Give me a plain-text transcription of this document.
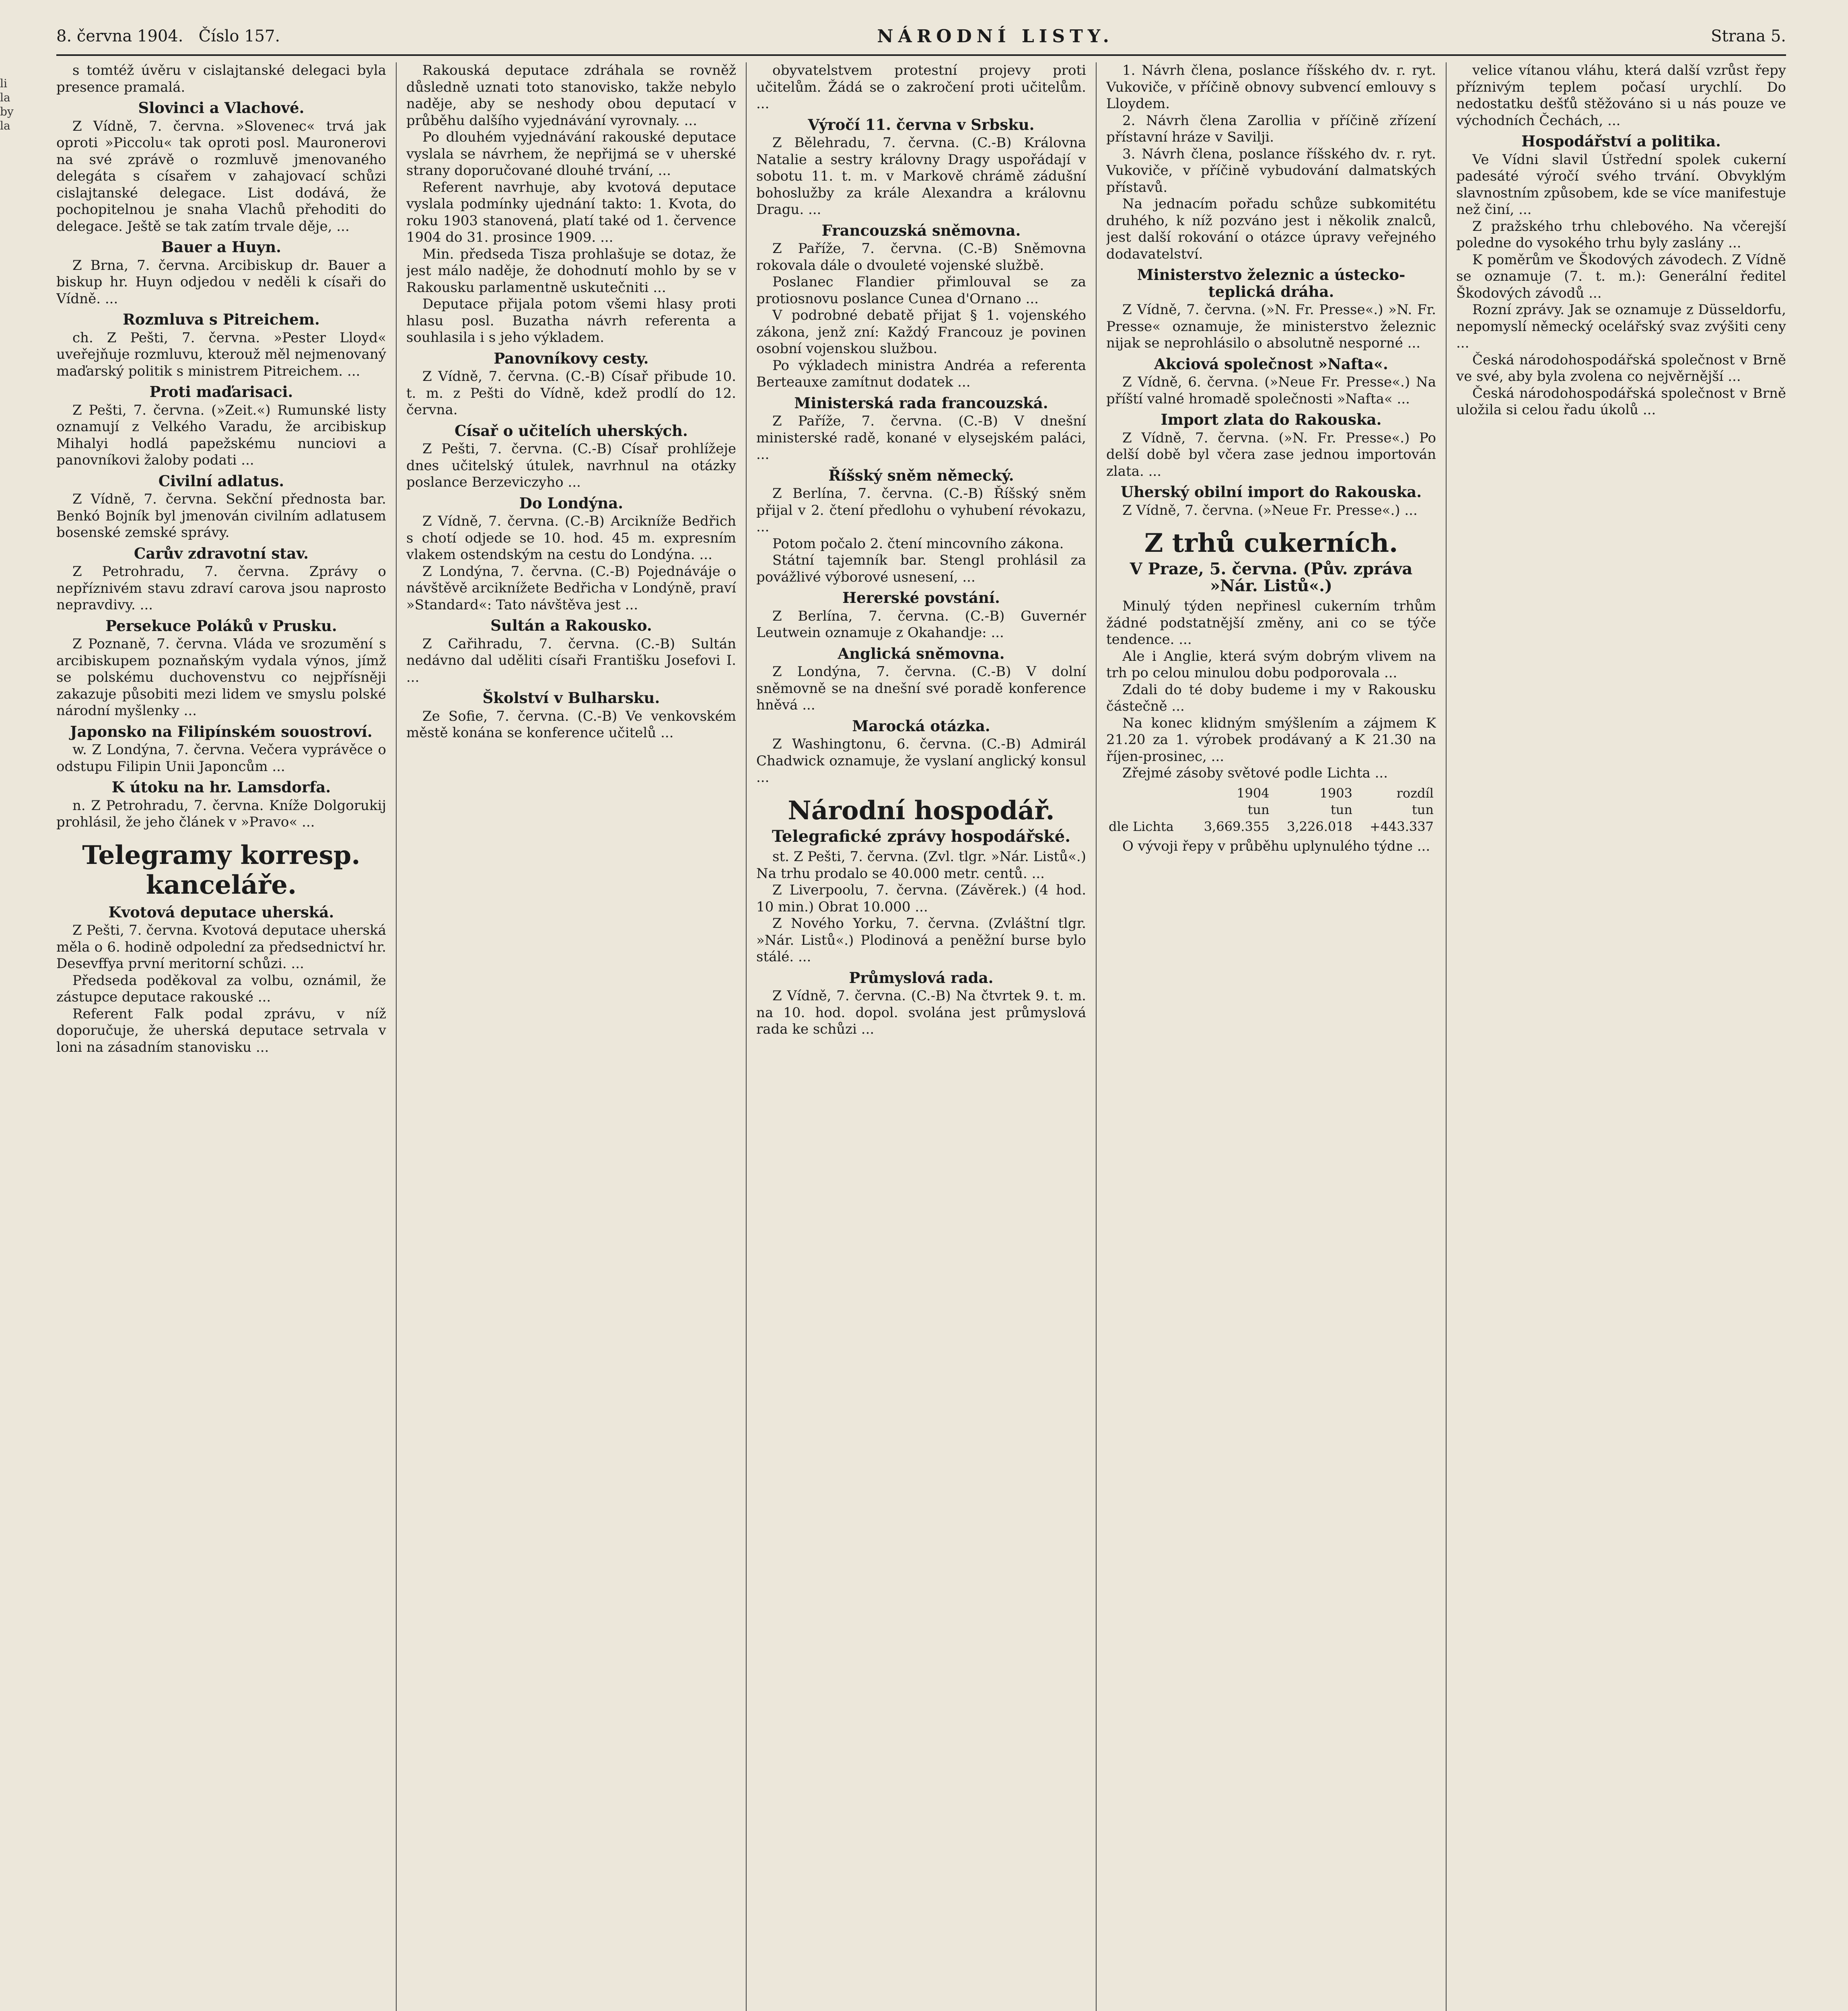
li la by la
8. června 1904. Číslo 157.	NÁRODNÍ LISTY.	Strana 5.

s tomtéž úvěru v cislajtanské delegaci byla presence pramalá.

Slovinci a Vlachové.

Z Vídně, 7. června. »Slovenec« trvá jak oproti »Piccolu« tak oproti posl. Mauronerovi na své zprávě o rozmluvě jmenovaného delegáta s císařem v zahajovací schůzi cislajtanské delegace. List dodává, že pochopitelnou je snaha Vlachů přehoditi do delegace. Ještě se tak zatím trvale děje, ...

Bauer a Huyn.

Z Brna, 7. června. Arcibiskup dr. Bauer a biskup hr. Huyn odjedou v neděli k císaři do Vídně. ...

Rozmluva s Pitreichem.

ch. Z Pešti, 7. června. »Pester Lloyd« uveřejňuje rozmluvu, kterouž měl nejmenovaný maďarský politik s ministrem Pitreichem. ...

Proti maďarisaci.

Z Pešti, 7. června. (»Zeit.«) Rumunské listy oznamují z Velkého Varadu, že arcibiskup Mihalyi hodlá papežskému nunciovi a panovníkovi žaloby podati ...

Civilní adlatus.

Z Vídně, 7. června. Sekční přednosta bar. Benkó Bojník byl jmenován civilním adlatusem bosenské zemské správy.

Carův zdravotní stav.

Z Petrohradu, 7. června. Zprávy o nepříznivém stavu zdraví carova jsou naprosto nepravdivy. ...

Persekuce Poláků v Prusku.

Z Poznaně, 7. června. Vláda ve srozumění s arcibiskupem poznaňským vydala výnos, jímž se polskému duchovenstvu co nejpřísněji zakazuje působiti mezi lidem ve smyslu polské národní myšlenky ...

Japonsko na Filipínském souostroví.

w. Z Londýna, 7. června. Večera vyprávěce o odstupu Filipin Unii Japoncům ...

K útoku na hr. Lamsdorfa.

n. Z Petrohradu, 7. června. Kníže Dolgorukij prohlásil, že jeho článek v »Pravo« ...

Telegramy korresp. kanceláře.

Kvotová deputace uherská.

Z Pešti, 7. června. Kvotová deputace uherská měla o 6. hodině odpolední za předsednictví hr. Desevffya první meritorní schůzi. ...

Předseda poděkoval za volbu, oznámil, že zástupce deputace rakouské ...

Referent Falk podal zprávu, v níž doporučuje, že uherská deputace setrvala v loni na zásadním stanovisku ...

Rakouská deputace zdráhala se rovněž důsledně uznati toto stanovisko, takže nebylo naděje, aby se neshody obou deputací v průběhu dalšího vyjednávání vyrovnaly. ...

Po dlouhém vyjednávání rakouské deputace vyslala se návrhem, že nepřijmá se v uherské strany doporučované dlouhé trvání, ...

Referent navrhuje, aby kvotová deputace vyslala podmínky ujednání takto: 1. Kvota, do roku 1903 stanovená, platí také od 1. července 1904 do 31. prosince 1909. ...

Min. předseda Tisza prohlašuje se dotaz, že jest málo naděje, že dohodnutí mohlo by se v Rakousku parlamentně uskutečniti ...

Deputace přijala potom všemi hlasy proti hlasu posl. Buzatha návrh referenta a souhlasila i s jeho výkladem.

Panovníkovy cesty.

Z Vídně, 7. června. (C.-B) Císař přibude 10. t. m. z Pešti do Vídně, kdež prodlí do 12. června.

Císař o učitelích uherských.

Z Pešti, 7. června. (C.-B) Císař prohlížeje dnes učitelský útulek, navrhnul na otázky poslance Berzeviczyho ...

Do Londýna.

Z Vídně, 7. června. (C.-B) Arcikníže Bedřich s chotí odjede se 10. hod. 45 m. expresním vlakem ostendským na cestu do Londýna. ...

Z Londýna, 7. června. (C.-B) Pojednáváje o návštěvě arciknížete Bedřicha v Londýně, praví »Standard«: Tato návštěva jest ...

Sultán a Rakousko.

Z Cařihradu, 7. června. (C.-B) Sultán nedávno dal uděliti císaři Františku Josefovi I. ...

Školství v Bulharsku.

Ze Sofie, 7. června. (C.-B) Ve venkovském městě konána se konference učitelů ...

obyvatelstvem protestní projevy proti učitelům. Žádá se o zakročení proti učitelům. ...

Výročí 11. června v Srbsku.

Z Bělehradu, 7. června. (C.-B) Královna Natalie a sestry královny Dragy uspořádají v sobotu 11. t. m. v Markově chrámě zádušní bohoslužby za krále Alexandra a královnu Dragu. ...

Francouzská sněmovna.

Z Paříže, 7. června. (C.-B) Sněmovna rokovala dále o dvouleté vojenské službě.

Poslanec Flandier přimlouval se za protiosnovu poslance Cunea d'Ornano ...

V podrobné debatě přijat § 1. vojenského zákona, jenž zní: Každý Francouz je povinen osobní vojenskou službou.

Po výkladech ministra Andréa a referenta Berteauxe zamítnut dodatek ...

Ministerská rada francouzská.

Z Paříže, 7. června. (C.-B) V dnešní ministerské radě, konané v elysejském paláci, ...

Říšský sněm německý.

Z Berlína, 7. června. (C.-B) Říšský sněm přijal v 2. čtení předlohu o vyhubení révokazu, ...

Potom počalo 2. čtení mincovního zákona.

Státní tajemník bar. Stengl prohlásil za povážlivé výborové usnesení, ...

Hererské povstání.

Z Berlína, 7. června. (C.-B) Guvernér Leutwein oznamuje z Okahandje: ...

Anglická sněmovna.

Z Londýna, 7. června. (C.-B) V dolní sněmovně se na dnešní své poradě konference hněvá ...

Marocká otázka.

Z Washingtonu, 6. června. (C.-B) Admirál Chadwick oznamuje, že vyslaní anglický konsul ...

Národní hospodář.

Telegrafické zprávy hospodářské.

st. Z Pešti, 7. června. (Zvl. tlgr. »Nár. Listů«.) Na trhu prodalo se 40.000 metr. centů. ...

Z Liverpoolu, 7. června. (Závěrek.) (4 hod. 10 min.) Obrat 10.000 ...

Z Nového Yorku, 7. června. (Zvláštní tlgr. »Nár. Listů«.) Plodinová a peněžní burse bylo stálé. ...

Průmyslová rada.

Z Vídně, 7. června. (C.-B) Na čtvrtek 9. t. m. na 10. hod. dopol. svolána jest průmyslová rada ke schůzi ...

1. Návrh člena, poslance říšského dv. r. ryt. Vukoviče, v příčině obnovy subvencí emlouvy s Lloydem.

2. Návrh člena Zarollia v příčině zřízení přístavní hráze v Savilji.

3. Návrh člena, poslance říšského dv. r. ryt. Vukoviče, v příčině vybudování dalmatských přístavů.

Na jednacím pořadu schůze subkomitétu druhého, k níž pozváno jest i několik znalců, jest další rokování o otázce úpravy veřejného dodavatelství.

Ministerstvo železnic a ústecko-teplická dráha.

Z Vídně, 7. června. (»N. Fr. Presse«.) »N. Fr. Presse« oznamuje, že ministerstvo železnic nijak se neprohlásilo o absolutně nesporné ...

Akciová společnost »Nafta«.

Z Vídně, 6. června. (»Neue Fr. Presse«.) Na příští valné hromadě společnosti »Nafta« ...

Import zlata do Rakouska.

Z Vídně, 7. června. (»N. Fr. Presse«.) Po delší době byl včera zase jednou importován zlata. ...

Uherský obilní import do Rakouska.

Z Vídně, 7. června. (»Neue Fr. Presse«.) ...

Z trhů cukerních.

V Praze, 5. června. (Pův. zpráva »Nár. Listů«.)

Minulý týden nepřinesl cukerním trhům žádné podstatnější změny, ani co se týče tendence. ...

Ale i Anglie, která svým dobrým vlivem na trh po celou minulou dobu podporovala ...

Zdali do té doby budeme i my v Rakousku částečně ...

Na konec klidným smýšlením a zájmem K 21.20 za 1. výrobek prodávaný a K 21.30 na říjen-prosinec, ...

Zřejmé zásoby světové podle Lichta ...

	1904	1903	rozdíl
	tun	tun	tun
dle Lichta	3,669.355	3,226.018	+443.337

O vývoji řepy v průběhu uplynulého týdne ...

velice vítanou vláhu, která další vzrůst řepy příznivým teplem počasí urychlí. Do nedostatku dešťů stěžováno si u nás pouze ve východních Čechách, ...

Hospodářství a politika.

Ve Vídni slavil Ústřední spolek cukerní padesáté výročí svého trvání. Obvyklým slavnostním způsobem, kde se více manifestuje než činí, ...

Z pražského trhu chlebového. Na včerejší poledne do vysokého trhu byly zaslány ...

K poměrům ve Škodových závodech. Z Vídně se oznamuje (7. t. m.): Generální ředitel Škodových závodů ...

Rozní zprávy. Jak se oznamuje z Düsseldorfu, nepomyslí německý ocelářský svaz zvýšiti ceny ...

Česká národohospodářská společnost v Brně ve své, aby byla zvolena co nejvěrnější ...

Česká národohospodářská společnost v Brně uložila si celou řadu úkolů ...
